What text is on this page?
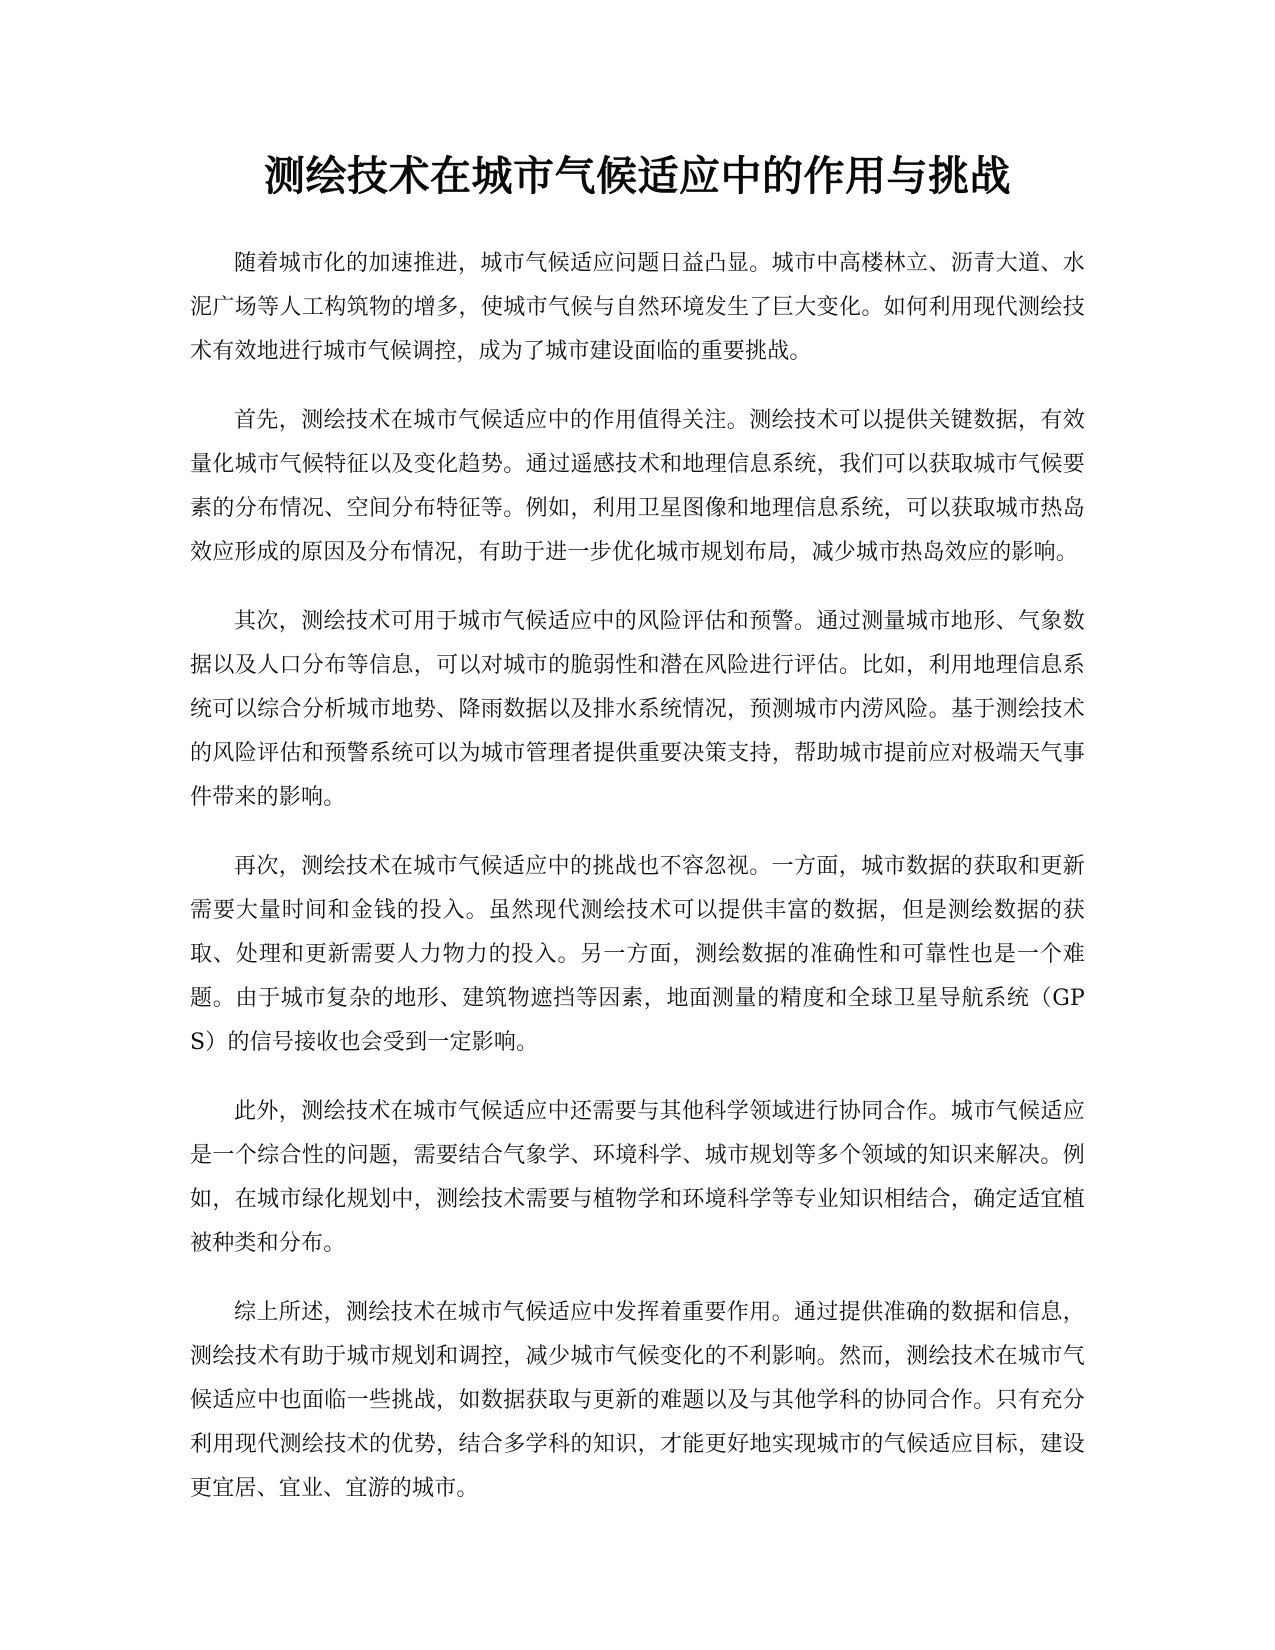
测绘技术在城市气候适应中的作用与挑战

随着城市化的加速推进，城市气候适应问题日益凸显。城市中高楼林立、沥青大道、水泥广场等人工构筑物的增多，使城市气候与自然环境发生了巨大变化。如何利用现代测绘技术有效地进行城市气候调控，成为了城市建设面临的重要挑战。

首先，测绘技术在城市气候适应中的作用值得关注。测绘技术可以提供关键数据，有效量化城市气候特征以及变化趋势。通过遥感技术和地理信息系统，我们可以获取城市气候要素的分布情况、空间分布特征等。例如，利用卫星图像和地理信息系统，可以获取城市热岛效应形成的原因及分布情况，有助于进一步优化城市规划布局，减少城市热岛效应的影响。

其次，测绘技术可用于城市气候适应中的风险评估和预警。通过测量城市地形、气象数据以及人口分布等信息，可以对城市的脆弱性和潜在风险进行评估。比如，利用地理信息系统可以综合分析城市地势、降雨数据以及排水系统情况，预测城市内涝风险。基于测绘技术的风险评估和预警系统可以为城市管理者提供重要决策支持，帮助城市提前应对极端天气事件带来的影响。

再次，测绘技术在城市气候适应中的挑战也不容忽视。一方面，城市数据的获取和更新需要大量时间和金钱的投入。虽然现代测绘技术可以提供丰富的数据，但是测绘数据的获取、处理和更新需要人力物力的投入。另一方面，测绘数据的准确性和可靠性也是一个难题。由于城市复杂的地形、建筑物遮挡等因素，地面测量的精度和全球卫星导航系统（GPS）的信号接收也会受到一定影响。

此外，测绘技术在城市气候适应中还需要与其他科学领域进行协同合作。城市气候适应是一个综合性的问题，需要结合气象学、环境科学、城市规划等多个领域的知识来解决。例如，在城市绿化规划中，测绘技术需要与植物学和环境科学等专业知识相结合，确定适宜植被种类和分布。

综上所述，测绘技术在城市气候适应中发挥着重要作用。通过提供准确的数据和信息，测绘技术有助于城市规划和调控，减少城市气候变化的不利影响。然而，测绘技术在城市气候适应中也面临一些挑战，如数据获取与更新的难题以及与其他学科的协同合作。只有充分利用现代测绘技术的优势，结合多学科的知识，才能更好地实现城市的气候适应目标，建设更宜居、宜业、宜游的城市。
